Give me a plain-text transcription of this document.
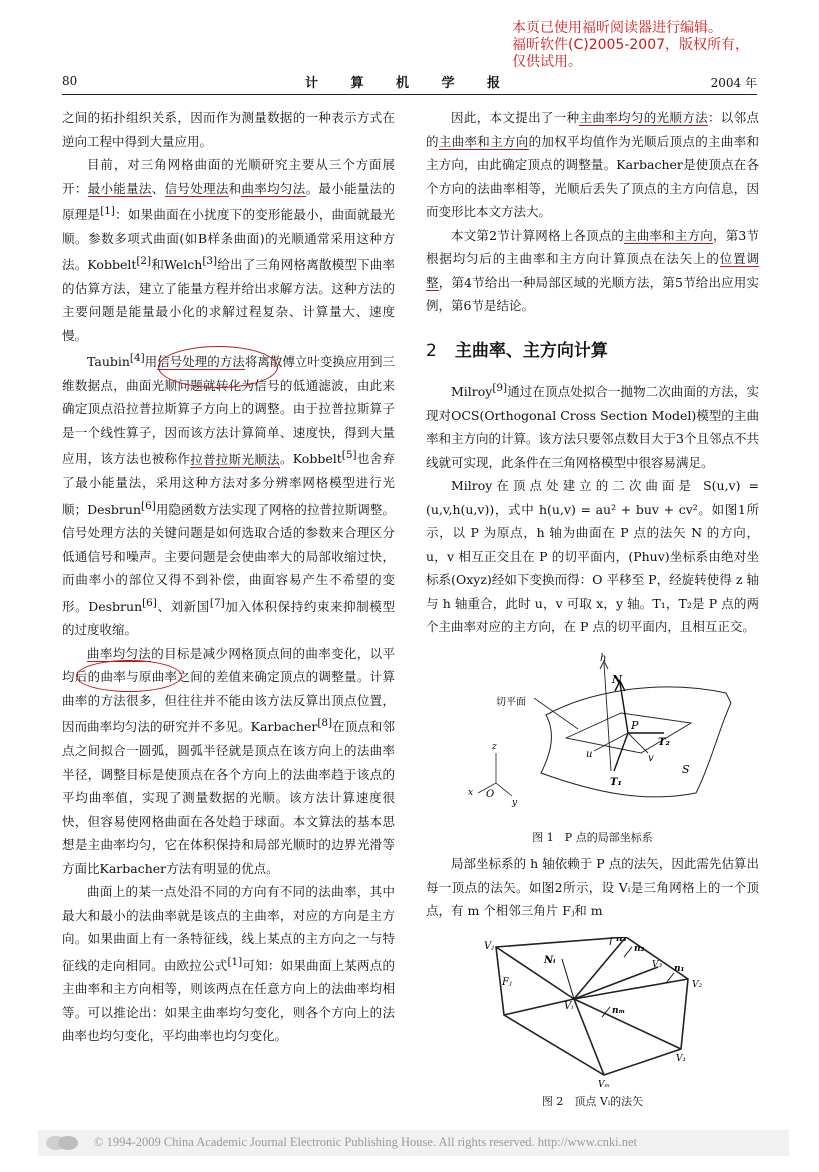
本页已使用福昕阅读器进行编辑。
福昕软件(C)2005-2007，版权所有，
仅供试用。
80	计 算 机 学 报	2004 年

之间的拓扑组织关系，因而作为测量数据的一种表示方式在逆向工程中得到大量应用。

目前，对三角网格曲面的光顺研究主要从三个方面展开：最小能量法、信号处理法和曲率均匀法。最小能量法的原理是[1]：如果曲面在小扰度下的变形能最小，曲面就最光顺。参数多项式曲面(如B样条曲面)的光顺通常采用这种方法。Kobbelt[2]和Welch[3]给出了三角网格离散模型下曲率的估算方法，建立了能量方程并给出求解方法。这种方法的主要问题是能量最小化的求解过程复杂、计算量大、速度慢。

Taubin[4]用信号处理的方法将离散傅立叶变换应用到三维数据点，曲面光顺问题就转化为信号的低通滤波，由此来确定顶点沿拉普拉斯算子方向上的调整。由于拉普拉斯算子是一个线性算子，因而该方法计算简单、速度快，得到大量应用，该方法也被称作拉普拉斯光顺法。Kobbelt[5]也舍弃了最小能量法，采用这种方法对多分辨率网格模型进行光顺；Desbrun[6]用隐函数方法实现了网格的拉普拉斯调整。信号处理方法的关键问题是如何选取合适的参数来合理区分低通信号和噪声。主要问题是会使曲率大的局部收缩过快，而曲率小的部位又得不到补偿，曲面容易产生不希望的变形。Desbrun[6]、刘新国[7]加入体积保持约束来抑制模型的过度收缩。

曲率均匀法的目标是减少网格顶点间的曲率变化，以平均后的曲率与原曲率之间的差值来确定顶点的调整量。计算曲率的方法很多，但往往并不能由该方法反算出顶点位置，因而曲率均匀法的研究并不多见。Karbacher[8]在顶点和邻点之间拟合一圆弧，圆弧半径就是顶点在该方向上的法曲率半径，调整目标是使顶点在各个方向上的法曲率趋于该点的平均曲率值，实现了测量数据的光顺。该方法计算速度很快，但容易使网格曲面在各处趋于球面。本文算法的基本思想是主曲率均匀，它在体积保持和局部光顺时的边界光滑等方面比Karbacher方法有明显的优点。

曲面上的某一点处沿不同的方向有不同的法曲率，其中最大和最小的法曲率就是该点的主曲率，对应的方向是主方向。如果曲面上有一条特征线，线上某点的主方向之一与特征线的走向相同。由欧拉公式[1]可知：如果曲面上某两点的主曲率和主方向相等，则该两点在任意方向上的法曲率均相等。可以推论出：如果主曲率均匀变化，则各个方向上的法曲率也均匀变化，平均曲率也均匀变化。

因此，本文提出了一种主曲率均匀的光顺方法：以邻点的主曲率和主方向的加权平均值作为光顺后顶点的主曲率和主方向，由此确定顶点的调整量。Karbacher是使顶点在各个方向的法曲率相等，光顺后丢失了顶点的主方向信息，因而变形比本文方法大。

本文第2节计算网格上各顶点的主曲率和主方向，第3节根据均匀后的主曲率和主方向计算顶点在法矢上的位置调整，第4节给出一种局部区域的光顺方法，第5节给出应用实例，第6节是结论。

2 主曲率、主方向计算

Milroy[9]通过在顶点处拟合一抛物二次曲面的方法，实现对OCS(Orthogonal Cross Section Model)模型的主曲率和主方向的计算。该方法只要邻点数目大于3个且邻点不共线就可实现，此条件在三角网格模型中很容易满足。

Milroy在顶点处建立的二次曲面是 S(u,v) = (u,v,h(u,v))，式中 h(u,v) = au² + buv + cv²。如图1所示，以 P 为原点，h 轴为曲面在 P 点的法矢 N 的方向，u，v 相互正交且在 P 的切平面内，(Phuv)坐标系由绝对坐标系(Oxyz)经如下变换而得：O 平移至 P，经旋转使得 z 轴与 h 轴重合，此时 u，v 可取 x，y 轴。T₁，T₂是 P 点的两个主曲率对应的主方向，在 P 点的切平面内，且相互正交。

切平面
h
N
P
T₂
T₁
u	v
S
z
x
y
O
图 1　P 点的局部坐标系

局部坐标系的 h 轴依赖于 P 点的法矢，因此需先估算出每一顶点的法矢。如图2所示，设 Vᵢ是三角网格上的一个顶点，有 m 个相邻三角片 Fⱼ和 m

Vⱼ
Vᵢ
Nᵢ
Fⱼ
V₃
V₂
V₁
Vₘ
n₁
n₂
n₃
nₘ
图 2　顶点 Vᵢ的法矢
© 1994-2009 China Academic Journal Electronic Publishing House. All rights reserved. http://www.cnki.net
